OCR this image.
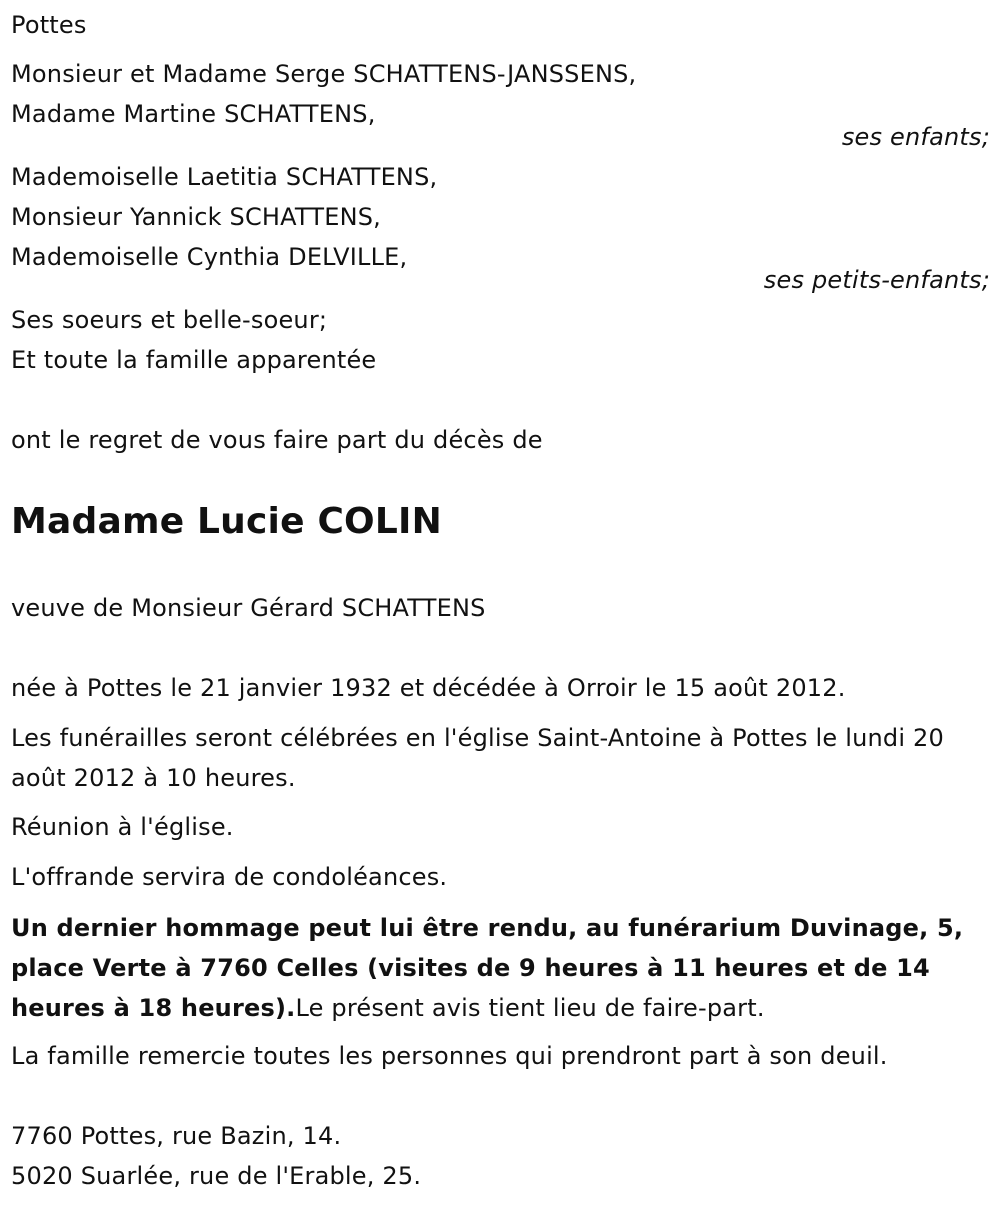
Pottes
Monsieur et Madame Serge SCHATTENS-JANSSENS,
Madame Martine SCHATTENS,
ses enfants;
Mademoiselle Laetitia SCHATTENS,
Monsieur Yannick SCHATTENS,
Mademoiselle Cynthia DELVILLE,
ses petits-enfants;
Ses soeurs et belle-soeur;
Et toute la famille apparentée
ont le regret de vous faire part du décès de
Madame Lucie COLIN
veuve de Monsieur Gérard SCHATTENS
née à Pottes le 21 janvier 1932 et décédée à Orroir le 15 août 2012.
Les funérailles seront célébrées en l'église Saint-Antoine à Pottes le lundi 20 août 2012 à 10 heures.
Réunion à l'église.
L'offrande servira de condoléances.
Un dernier hommage peut lui être rendu, au funérarium Duvinage, 5, place Verte à 7760 Celles (visites de 9 heures à 11 heures et de 14 heures à 18 heures).Le présent avis tient lieu de faire-part.
La famille remercie toutes les personnes qui prendront part à son deuil.
7760 Pottes, rue Bazin, 14.
5020 Suarlée, rue de l'Erable, 25.
